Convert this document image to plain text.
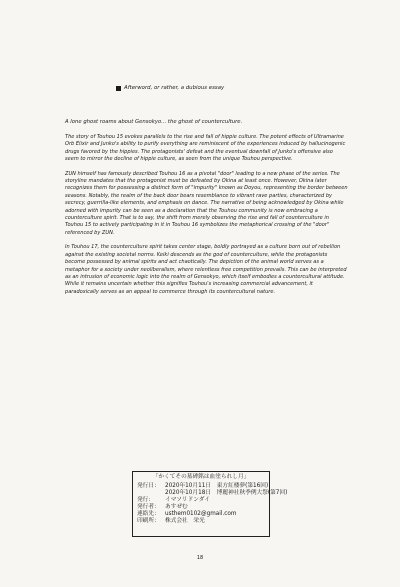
Afterword, or rather, a dubious essay
A lone ghost roams about Gensokyo... the ghost of counterculture.

The story of Touhou 15 evokes parallels to the rise and fall of hippie culture. The potent effects of Ultramarine Orb Elixir and Junko's ability to purify everything are reminiscent of the experiences induced by hallucinogenic drugs favored by the hippies. The protagonists' defeat and the eventual downfall of Junko's offensive also seem to mirror the decline of hippie culture, as seen from the unique Touhou perspective.

ZUN himself has famously described Touhou 16 as a pivotal "door" leading to a new phase of the series. The storyline mandates that the protagonist must be defeated by Okina at least once. However, Okina later recognizes them for possessing a distinct form of "impurity" known as Doyou, representing the border between seasons. Notably, the realm of the back door bears resemblance to vibrant rave parties, characterized by secrecy, guerrilla-like elements, and emphasis on dance. The narrative of being acknowledged by Okina while adorned with impurity can be seen as a declaration that the Touhou community is now embracing a counterculture spirit. That is to say, the shift from merely observing the rise and fall of counterculture in Touhou 15 to actively participating in it in Touhou 16 symbolizes the metaphorical crossing of the "door" referenced by ZUN.

In Touhou 17, the counterculture spirit takes center stage, boldly portrayed as a culture born out of rebellion against the existing societal norms. Keiki descends as the god of counterculture, while the protagonists become possessed by animal spirits and act chaotically. The depiction of the animal world serves as a metaphor for a society under neoliberalism, where relentless free competition prevails. This can be interpreted as an intrusion of economic logic into the realm of Gensokyo, which itself embodies a countercultural attitude. While it remains uncertain whether this signifies Touhou's increasing commercial advancement, it paradoxically serves as an appeal to commerce through its countercultural nature.

「かくてその墓碑銘は血塗られし月」
発行日： 2020年10月11日　東方紅楼夢(第16回)
2020年10月18日　博麗神社秋季例大祭(第7回)
発行：	イマソリドンダイ
発行者： あすぜむ
連絡先： usthem0102@gmail.com
印刷所： 株式会社　栄光
18
